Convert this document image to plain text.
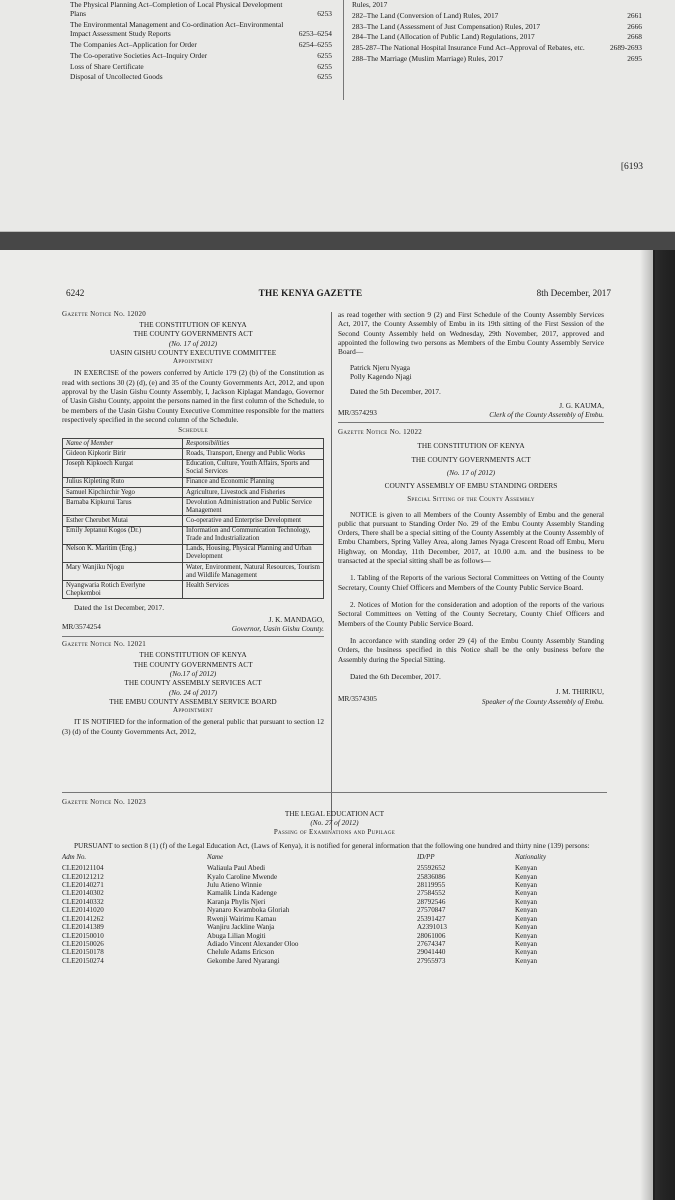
The Physical Planning Act–Completion of Local Physical Development Plans	6253
The Environmental Management and Co-ordination Act–Environmental Impact Assessment Study Reports	6253–6254
The Companies Act–Application for Order	6254–6255
The Co-operative Societies Act–Inquiry Order	6255
Loss of Share Certificate	6255
Disposal of Uncollected Goods	6255
Rules, 2017
282–The Land (Conversion of Land) Rules, 2017	2661
283–The Land (Assessment of Just Compensation) Rules, 2017	2666
284–The Land (Allocation of Public Land) Regulations, 2017	2668
285-287–The National Hospital Insurance Fund Act–Approval of Rebates, etc.	2689-2693
288–The Marriage (Muslim Marriage) Rules, 2017	2695
[6193
6242	THE KENYA GAZETTE	8th December, 2017
Gazette Notice No. 12020
THE CONSTITUTION OF KENYA
THE COUNTY GOVERNMENTS ACT
(No. 17 of 2012)
UASIN GISHU COUNTY EXECUTIVE COMMITTEE
Appointment
IN EXERCISE of the powers conferred by Article 179 (2) (b) of the Constitution as read with sections 30 (2) (d), (e) and 35 of the County Governments Act, 2012, and upon approval by the Uasin Gishu County Assembly, I, Jackson Kiplagat Mandago, Governor of Uasin Gishu County, appoint the persons named in the first column of the Schedule, to be members of the Uasin Gishu County Executive Committee responsible for the matters respectively specified in the second column of the Schedule.
Schedule
Name of Member	Responsibilities
Gideon Kipkorir Birir	Roads, Transport, Energy and Public Works
Joseph Kipkoech Kurgat	Education, Culture, Youth Affairs, Sports and Social Services
Julius Kipleting Ruto	Finance and Economic Planning
Samuel Kipchirchir Yego	Agriculture, Livestock and Fisheries
Barnaba Kipkurui Tarus	Devolution Administration and Public Service Management
Esther Cherubet Mutai	Co-operative and Enterprise Development
Emily Jeptanui Kogos (Dr.)	Information and Communication Technology, Trade and Industrialization
Nelson K. Maritim (Eng.)	Lands, Housing, Physical Planning and Urban Development
Mary Wanjiku Njogu	Water, Environment, Natural Resources, Tourism and Wildlife Management
Nyangwaria Rotich Everlyne Chepkemboi	Health Services
Dated the 1st December, 2017.
MR/3574254
J. K. MANDAGO,
Governor, Uasin Gishu County.
Gazette Notice No. 12021
THE CONSTITUTION OF KENYA
THE COUNTY GOVERNMENTS ACT
(No.17 of 2012)
THE COUNTY ASSEMBLY SERVICES ACT
(No. 24 of 2017)
THE EMBU COUNTY ASSEMBLY SERVICE BOARD
Appointment
IT IS NOTIFIED for the information of the general public that pursuant to section 12 (3) (d) of the County Governments Act, 2012,
as read together with section 9 (2) and First Schedule of the County Assembly Services Act, 2017, the County Assembly of Embu in its 19th sitting of the First Session of the Second County Assembly held on Wednesday, 29th November, 2017, approved and appointed the following two persons as Members of the Embu County Assembly Service Board—
Patrick Njeru Nyaga
Polly Kagendo Njagi
Dated the 5th December, 2017.
MR/3574293
J. G. KAUMA,
Clerk of the County Assembly of Embu.
Gazette Notice No. 12022
THE CONSTITUTION OF KENYA
THE COUNTY GOVERNMENTS ACT
(No. 17 of 2012)
COUNTY ASSEMBLY OF EMBU STANDING ORDERS
Special Sitting of the County Assembly
NOTICE is given to all Members of the County Assembly of Embu and the general public that pursuant to Standing Order No. 29 of the Embu County Assembly Standing Orders, There shall be a special sitting of the County Assembly at the County Assembly of Embu Chambers, Spring Valley Area, along James Nyaga Crescent Road off Embu, Meru Highway, on Monday, 11th December, 2017, at 10.00 a.m. and the business to be transacted at the special sitting shall be as follows—
1. Tabling of the Reports of the various Sectoral Committees on Vetting of the County Secretary, County Chief Officers and Members of the County Public Service Board.
2. Notices of Motion for the consideration and adoption of the reports of the various Sectoral Committees on Vetting of the County Secretary, County Chief Officers and Members of the County Public Service Board.
In accordance with standing order 29 (4) of the Embu County Assembly Standing Orders, the business specified in this Notice shall be the only business before the Assembly during the Special Sitting.
Dated the 6th December, 2017.
MR/3574305
J. M. THIRIKU,
Speaker of the County Assembly of Embu.
Gazette Notice No. 12023
THE LEGAL EDUCATION ACT
(No. 27 of 2012)
Passing of Examinations and Pupilage
PURSUANT to section 8 (1) (f) of the Legal Education Act, (Laws of Kenya), it is notified for general information that the following one hundred and thirty nine (139) persons:
Adm No.	Name	ID/PP	Nationality
CLE20121104	Waliaula Paul Abedi	25592652	Kenyan
CLE20121212	Kyalo Caroline Mwende	25836086	Kenyan
CLE20140271	Julu Atieno Winnie	28119955	Kenyan
CLE20140302	Kamalik Linda Kadenge	27584552	Kenyan
CLE20140332	Karanja Phylis Njeri	28792546	Kenyan
CLE20141020	Nyanaro Kwamboka Gloriah	27570847	Kenyan
CLE20141262	Rwenji Wairimu Kamau	25391427	Kenyan
CLE20141389	Wanjiru Jackline Wanja	A2391013	Kenyan
CLE20150010	Abuga Lilian Mogiti	28061006	Kenyan
CLE20150026	Adiado Vincent Alexander Oloo	27674347	Kenyan
CLE20150178	Chelule Adams Ericson	29041440	Kenyan
CLE20150274	Gekombe Jared Nyarangi	27955973	Kenyan
